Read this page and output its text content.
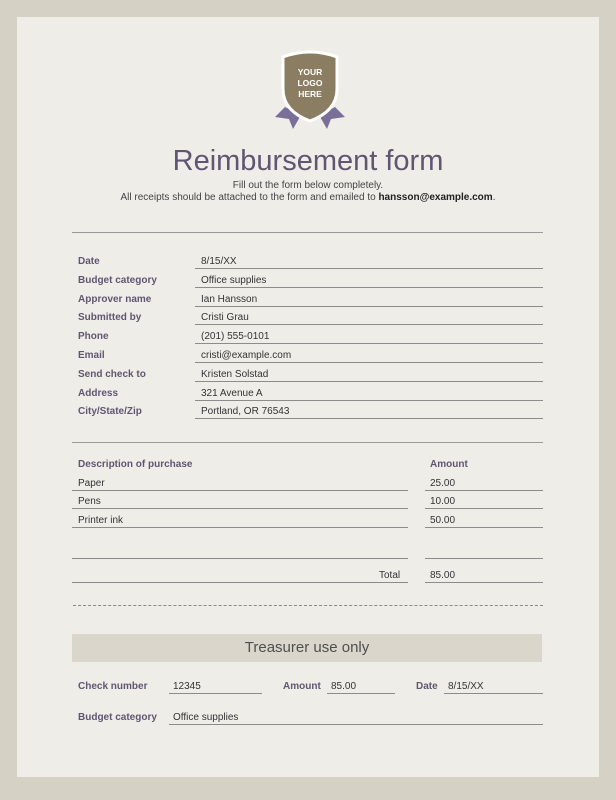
YOUR
LOGO
HERE
Reimbursement form
Fill out the form below completely.
All receipts should be attached to the form and emailed to hansson@example.com.
Date	8/15/XX
Budget category	Office supplies
Approver name	Ian Hansson
Submitted by	Cristi Grau
Phone	(201) 555-0101
Email	cristi@example.com
Send check to	Kristen Solstad
Address	321 Avenue A
City/State/Zip	Portland, OR 76543
Description of purchase	Amount
Paper	25.00
Pens	10.00
Printer ink	50.00
Total	85.00
Treasurer use only
Check number	12345	Amount 85.00	Date 8/15/XX
Budget category Office supplies
